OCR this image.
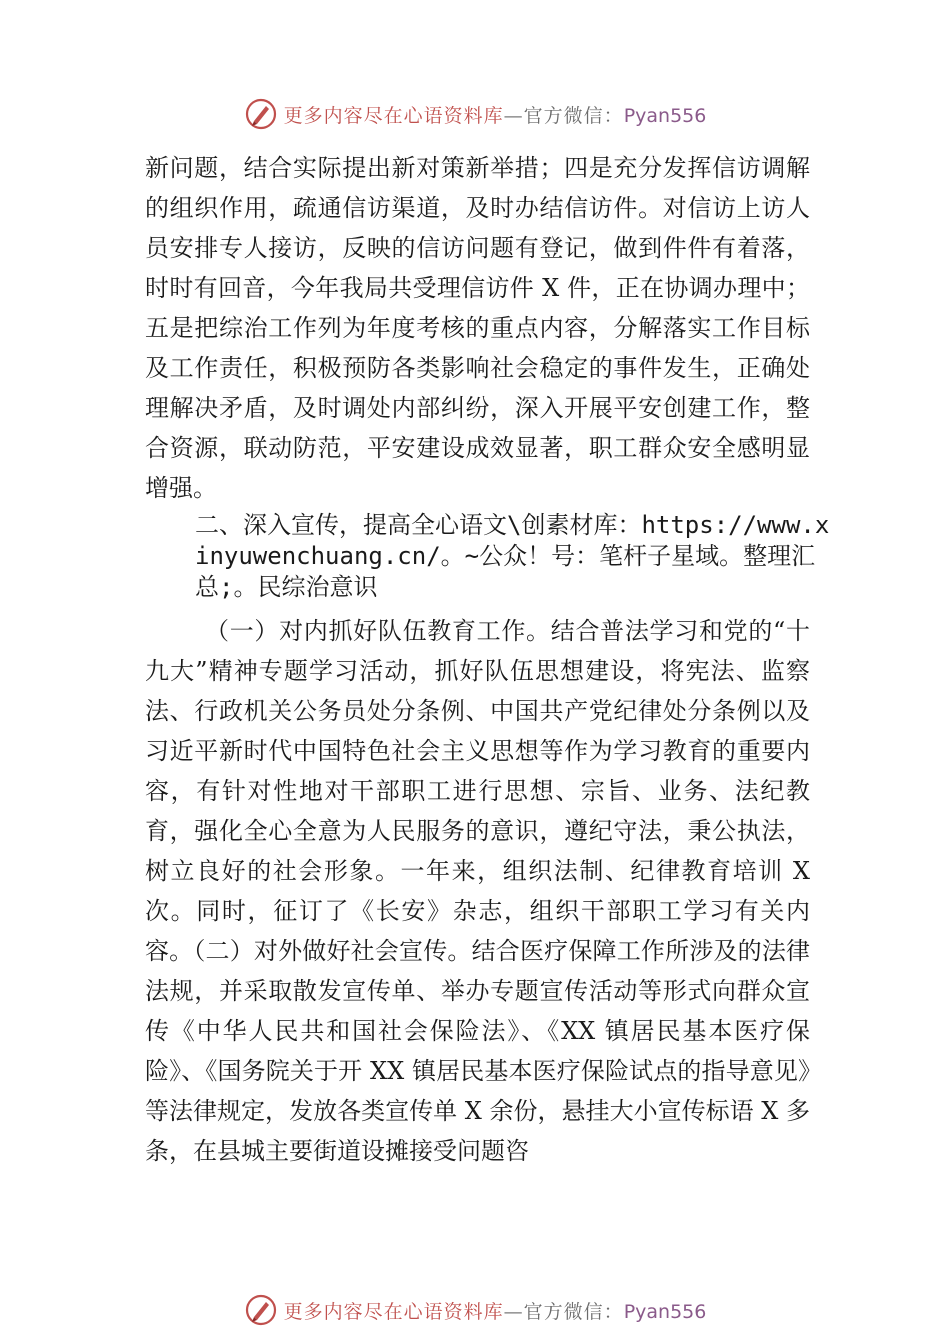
更多内容尽在心语资料库—官方微信：Pyan556

新问题，结合实际提出新对策新举措；四是充分发挥信访调解的组织作用，疏通信访渠道，及时办结信访件。对信访上访人员安排专人接访，反映的信访问题有登记，做到件件有着落，时时有回音，今年我局共受理信访件 X 件，正在协调办理中；五是把综治工作列为年度考核的重点内容，分解落实工作目标及工作责任，积极预防各类影响社会稳定的事件发生，正确处理解决矛盾，及时调处内部纠纷，深入开展平安创建工作，整合资源，联动防范，平安建设成效显著，职工群众安全感明显增强。

二、深入宣传，提高全心语文\创素材库：https://www.xinyuwenchuang.cn/。~公众！号：笔杆子星域。整理汇总;。民综治意识

（一）对内抓好队伍教育工作。结合普法学习和党的“十九大”精神专题学习活动，抓好队伍思想建设，将宪法、监察法、行政机关公务员处分条例、中国共产党纪律处分条例以及习近平新时代中国特色社会主义思想等作为学习教育的重要内容，有针对性地对干部职工进行思想、宗旨、业务、法纪教育，强化全心全意为人民服务的意识，遵纪守法，秉公执法，树立良好的社会形象。一年来，组织法制、纪律教育培训 X 次。同时，征订了《长安》杂志，组织干部职工学习有关内容。（二）对外做好社会宣传。结合医疗保障工作所涉及的法律法规，并采取散发宣传单、举办专题宣传活动等形式向群众宣传《中华人民共和国社会保险法》、《XX 镇居民基本医疗保险》、《国务院关于开 XX 镇居民基本医疗保险试点的指导意见》等法律规定，发放各类宣传单 X 余份，悬挂大小宣传标语 X 多条，在县城主要街道设摊接受问题咨

更多内容尽在心语资料库—官方微信：Pyan556
